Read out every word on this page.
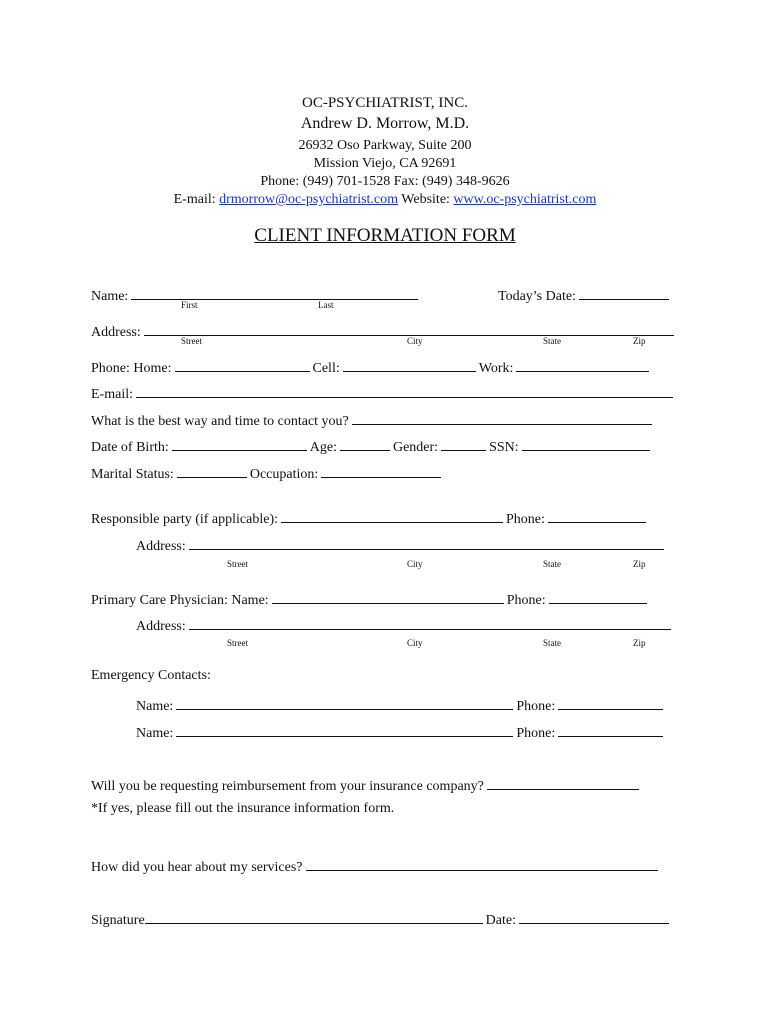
OC-PSYCHIATRIST, INC.
Andrew D. Morrow, M.D.
26932 Oso Parkway, Suite 200
Mission Viejo, CA 92691
Phone: (949) 701-1528 Fax: (949) 348-9626
E-mail: drmorrow@oc-psychiatrist.com Website: www.oc-psychiatrist.com
CLIENT INFORMATION FORM
Name:	Today’s Date:
First	Last
Address:
Street	City	State	Zip
Phone: Home:	Cell:	Work:
E-mail:
What is the best way and time to contact you?
Date of Birth:	Age:	Gender:	SSN:
Marital Status:	Occupation:
Responsible party (if applicable):	Phone:
Address:
Street	City	State	Zip
Primary Care Physician: Name:	Phone:
Address:
Street	City	State	Zip
Emergency Contacts:
Name:	Phone:
Name:	Phone:
Will you be requesting reimbursement from your insurance company?
*If yes, please fill out the insurance information form.
How did you hear about my services?
Signature	Date:
